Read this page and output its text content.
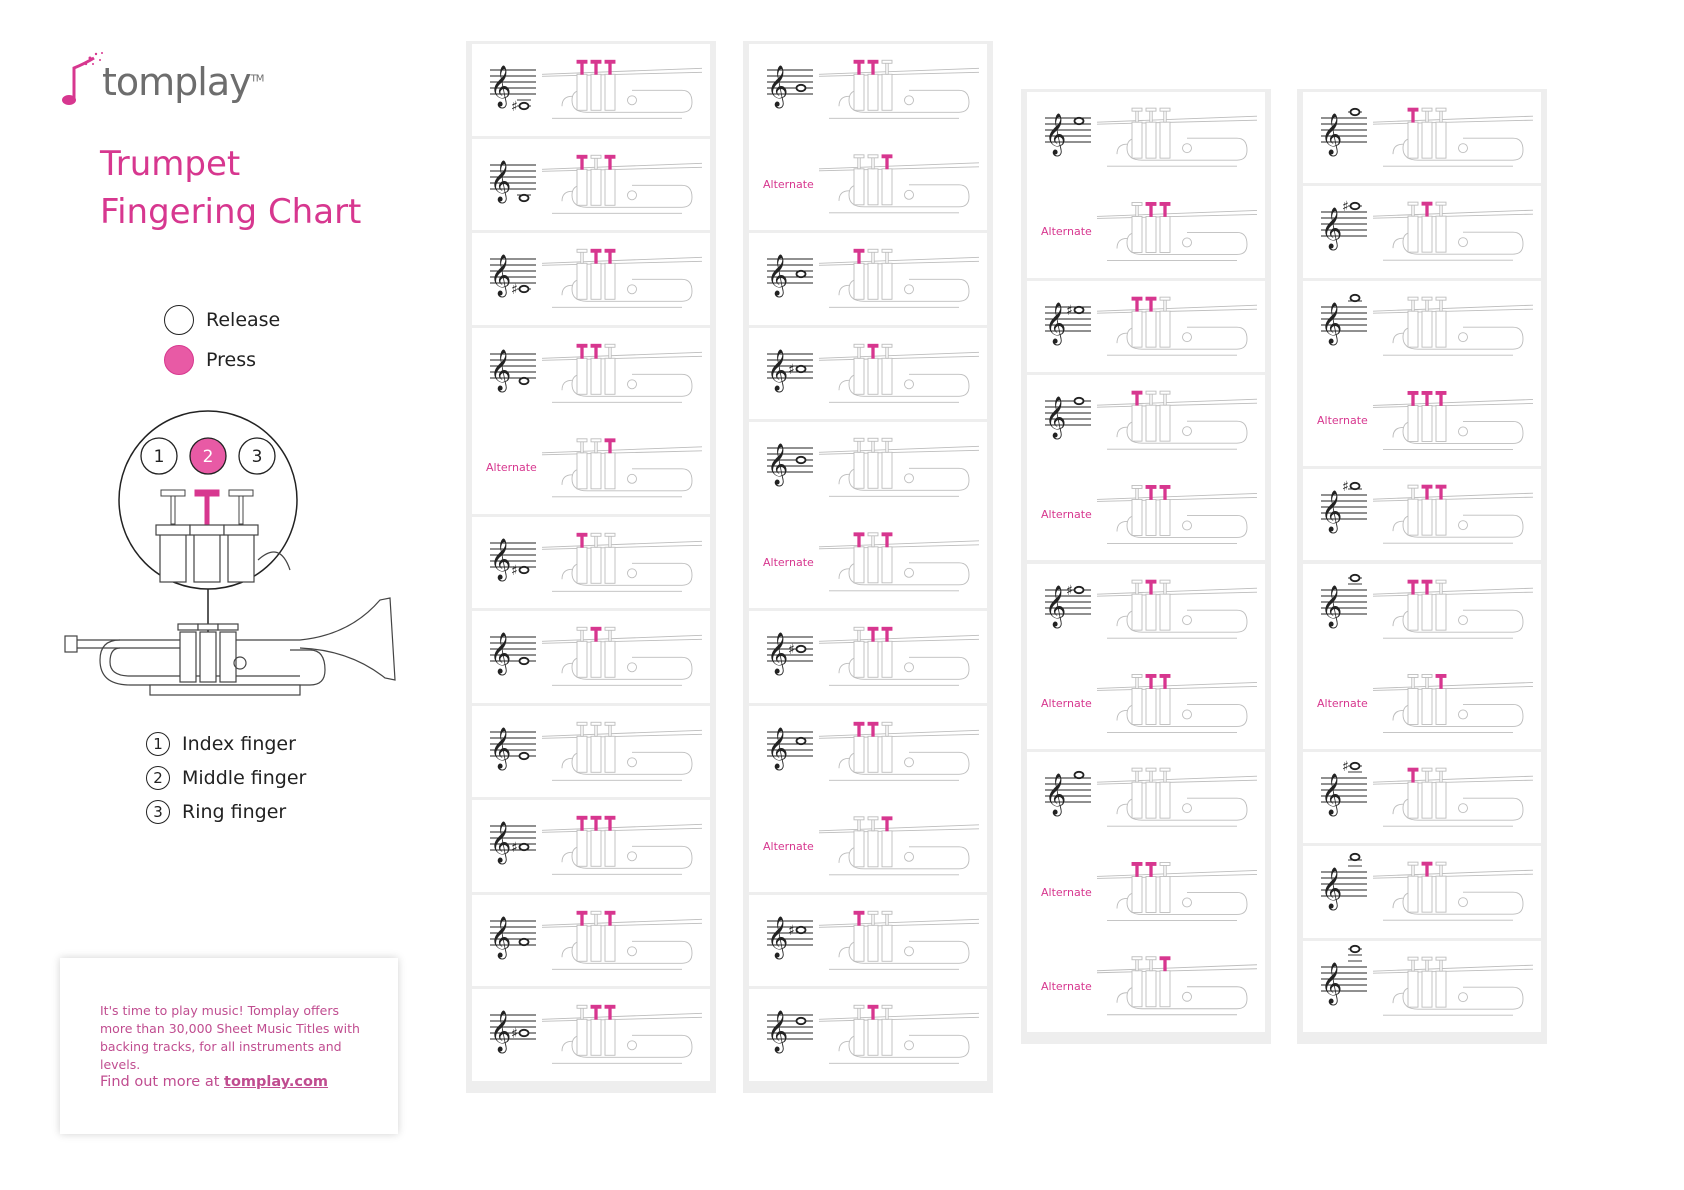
tomplay™
Trumpet
Fingering Chart
Release
Press
1 2 3
1	Index finger
2	Middle finger
3	Ring finger
It's time to play music! Tomplay offers more than 30,000 Sheet Music Titles with backing tracks, for all instruments and levels.
Find out more at tomplay.com
𝄞 ♯
𝄞
𝄞 ♯
𝄞
Alternate
𝄞 ♯
𝄞
𝄞
𝄞 ♯
𝄞
𝄞 ♯
𝄞
Alternate
𝄞
𝄞 ♯
𝄞
Alternate
𝄞 ♯
𝄞
Alternate
𝄞 ♯
𝄞
𝄞
Alternate
𝄞 ♯
𝄞
Alternate
𝄞 ♯
Alternate
𝄞
Alternate
Alternate
𝄞
𝄞
♯
𝄞
Alternate
𝄞
♯
𝄞
Alternate
𝄞
♯
𝄞
𝄞
